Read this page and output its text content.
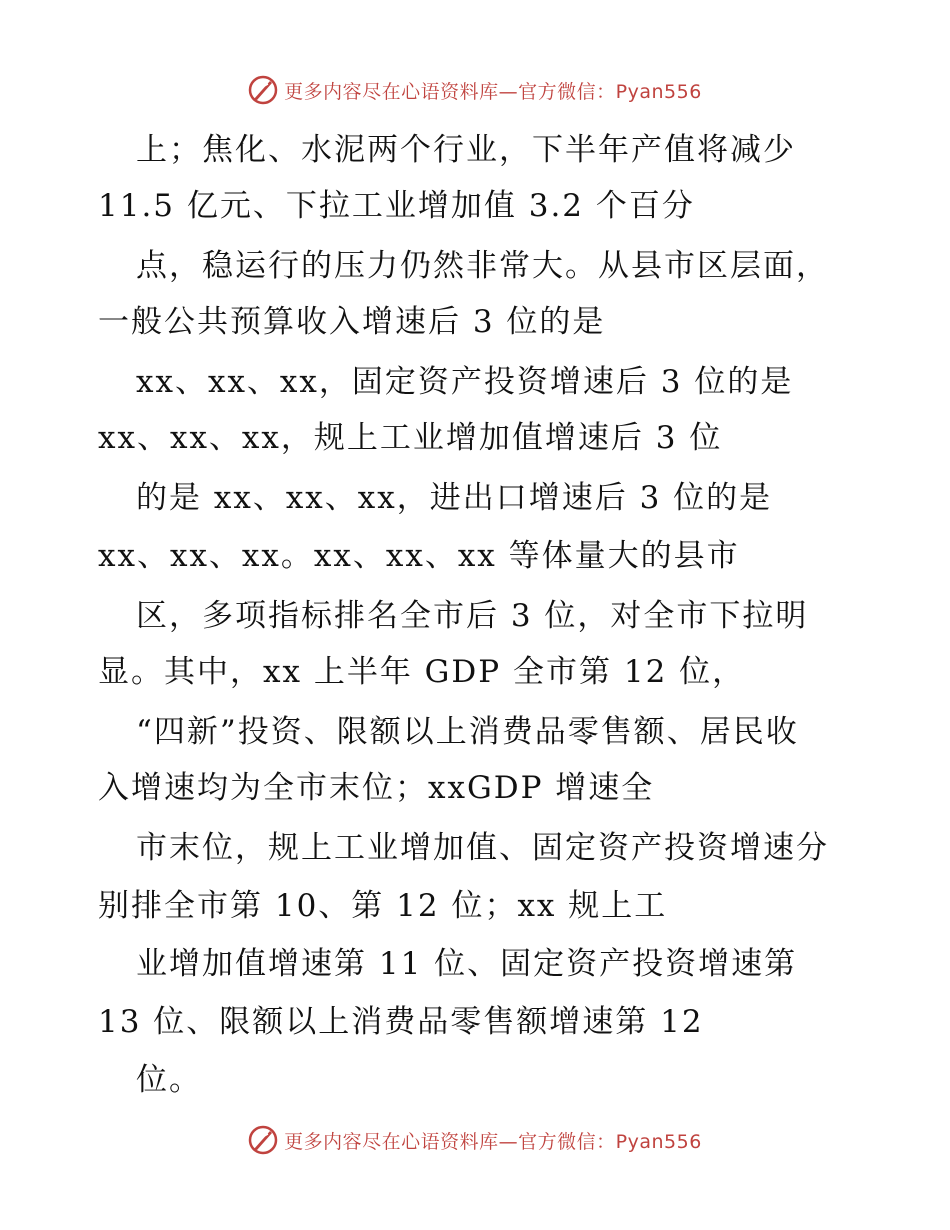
更多内容尽在心语资料库—官方微信：Pyan556
上；焦化、水泥两个行业，下半年产值将减少
11.5 亿元、下拉工业增加值 3.2 个百分
点，稳运行的压力仍然非常大。从县市区层面，
一般公共预算收入增速后 3 位的是
xx、xx、xx，固定资产投资增速后 3 位的是
xx、xx、xx，规上工业增加值增速后 3 位
的是 xx、xx、xx，进出口增速后 3 位的是
xx、xx、xx。xx、xx、xx 等体量大的县市
区，多项指标排名全市后 3 位，对全市下拉明
显。其中，xx 上半年 GDP 全市第 12 位，
“四新”投资、限额以上消费品零售额、居民收
入增速均为全市末位；xxGDP 增速全
市末位，规上工业增加值、固定资产投资增速分
别排全市第 10、第 12 位；xx 规上工
业增加值增速第 11 位、固定资产投资增速第
13 位、限额以上消费品零售额增速第 12
位。
更多内容尽在心语资料库—官方微信：Pyan556
